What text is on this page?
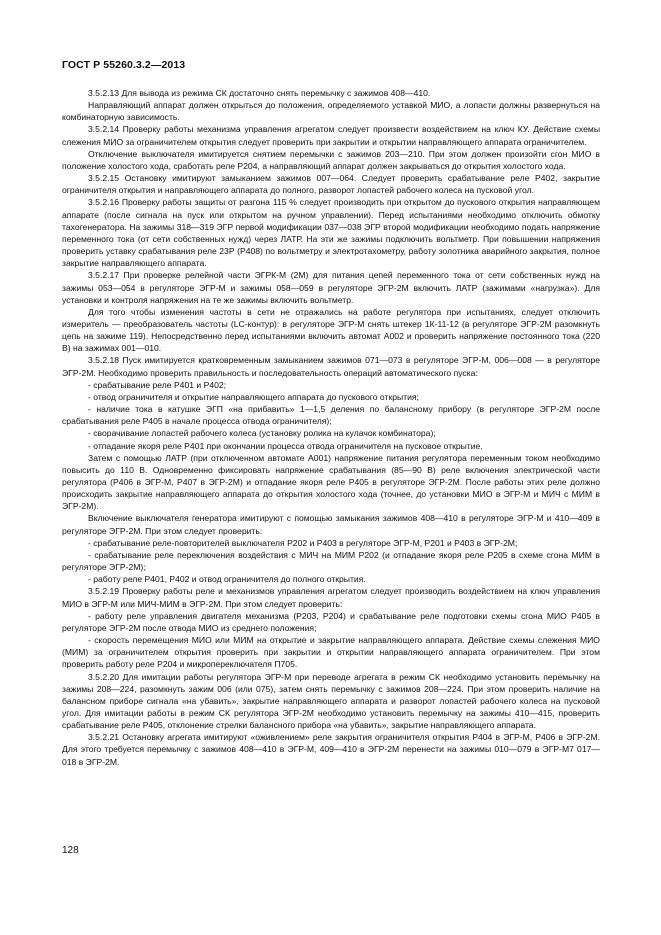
ГОСТ Р 55260.3.2—2013

3.5.2.13 Для вывода из режима СК достаточно снять перемычку с зажимов 408—410.

Направляющий аппарат должен открыться до положения, определяемого уставкой МИО, а лопасти должны развернуться на комбинаторную зависимость.

3.5.2.14 Проверку работы механизма управления агрегатом следует произвести воздействием на ключ КУ. Действие схемы слежения МИО за ограничителем открытия следует проверить при закрытии и открытии направляющего аппарата ограничителем.

Отключение выключателя имитируется снятием перемычки с зажимов 203—210. При этом должен произойти сгон МИО в положение холостого хода, сработать реле Р204, а направляющий аппарат должен закрываться до открытия холостого хода.

3.5.2.15 Остановку имитируют замыканием зажимов 007—064. Следует проверить срабатывание реле Р402, закрытие ограничителя открытия и направляющего аппарата до полного, разворот лопастей рабочего колеса на пусковой угол.

3.5.2.16 Проверку работы защиты от разгона 115 % следует производить при открытом до пускового открытия направляющем аппарате (после сигнала на пуск или открытом на ручном управлении). Перед испытаниями необходимо отключить обмотку тахогенератора. На зажимы 318—319 ЭГР первой модификации 037—038 ЭГР второй модификации необходимо подать напряжение переменного тока (от сети собственных нужд) через ЛАТР. На эти же зажимы подключить вольтметр. При повышении напряжения проверить уставку срабатывания реле 23Р (Р408) по вольтметру и электротахометру, работу золотника аварийного закрытия, полное закрытие направляющего аппарата.

3.5.2.17 При проверке релейной части ЭГРК-М (2М) для питания цепей переменного тока от сети собственных нужд на зажимы 053—054 в регуляторе ЭГР-М и зажимы 058—059 в регуляторе ЭГР-2М включить ЛАТР (зажимами «нагрузка»). Для установки и контроля напряжения на те же зажимы включить вольтметр.

Для того чтобы изменения частоты в сети не отражались на работе регулятора при испытаниях, следует отключить измеритель — преобразователь частоты (LC-контур): в регуляторе ЭГР-М снять штекер 1К-11-12 (в регуляторе ЭГР-2М разомкнуть цепь на зажиме 119). Непосредственно перед испытаниями включить автомат А002 и проверить напряжение постоянного тока (220 В) на зажимах 001—010.

3.5.2.18 Пуск имитируется кратковременным замыканием зажимов 071—073 в регуляторе ЭГР-М, 006—008 — в регуляторе ЭГР-2М. Необходимо проверить правильность и последовательность операций автоматического пуска:

- срабатывание реле Р401 и Р402;

- отвод ограничителя и открытие направляющего аппарата до пускового открытия;

- наличие тока в катушке ЭГП «на прибавить» 1—1,5 деления по балансному прибору (в регуляторе ЭГР-2М после срабатывания реле Р405 в начале процесса отвода ограничителя);

- сворачивание лопастей рабочего колеса (установку ролика на кулачок комбинатора);

- отпадание якоря реле Р401 при окончании процесса отвода ограничителя на пусковое открытие.

Затем с помощью ЛАТР (при отключенном автомате А001) напряжение питания регулятора переменным током необходимо повысить до 110 В. Одновременно фиксировать напряжение срабатывания (85—90 В) реле включения электрической части регулятора (Р406 в ЭГР-М, Р407 в ЭГР-2М) и отпадание якоря реле Р405 в регуляторе ЭГР-2М. После работы этих реле должно происходить закрытие направляющего аппарата до открытия холостого хода (точнее, до установки МИО в ЭГР-М и МИЧ с МИМ в ЭГР-2М).

Включение выключателя генератора имитируют с помощью замыкания зажимов 408—410 в регуляторе ЭГР-М и 410—409 в регуляторе ЭГР-2М. При этом следует проверить:

- срабатывание реле-повторителей выключателя Р202 и Р403 в регуляторе ЭГР-М, Р201 и Р403 в ЭГР-2М;

- срабатывание реле переключения воздействия с МИЧ на МИМ Р202 (и отпадание якоря реле Р205 в схеме сгона МИМ в регуляторе ЭГР-2М);

- работу реле Р401, Р402 и отвод ограничителя до полного открытия.

3.5.2.19 Проверку работы реле и механизмов управления агрегатом следует производить воздействием на ключ управления МИО в ЭГР-М или МИЧ-МИМ в ЭГР-2М. При этом следует проверить:

- работу реле управления двигателя механизма (Р203, Р204) и срабатывание реле подготовки схемы сгона МИО Р405 в регуляторе ЭГР-2М после отвода МИО из среднего положения;

- скорость перемещения МИО или МИМ на открытие и закрытие направляющего аппарата. Действие схемы слежения МИО (МИМ) за ограничителем открытия проверить при закрытии и открытии направляющего аппарата ограничителем. При этом проверить работу реле Р204 и микропереключателя П705.

3.5.2.20 Для имитации работы регулятора ЭГР-М при переводе агрегата в режим СК необходимо установить перемычку на зажимы 208—224, разомкнуть зажим 006 (или 075), затем снять перемычку с зажимов 208—224. При этом проверить наличие на балансном приборе сигнала «на убавить», закрытие направляющего аппарата и разворот лопастей рабочего колеса на пусковой угол. Для имитации работы в режим СК регулятора ЭГР-2М необходимо установить перемычку на зажимы 410—415, проверить срабатывание реле Р405, отклонение стрелки балансного прибора «на убавить», закрытие направляющего аппарата.

3.5.2.21 Остановку агрегата имитируют «оживлением» реле закрытия ограничителя открытия Р404 в ЭГР-М, Р406 в ЭГР-2М. Для этого требуется перемычку с зажимов 408—410 в ЭГР-М, 409—410 в ЭГР-2М перенести на зажимы 010—079 в ЭГР-М7 017—018 в ЭГР-2М.

128
